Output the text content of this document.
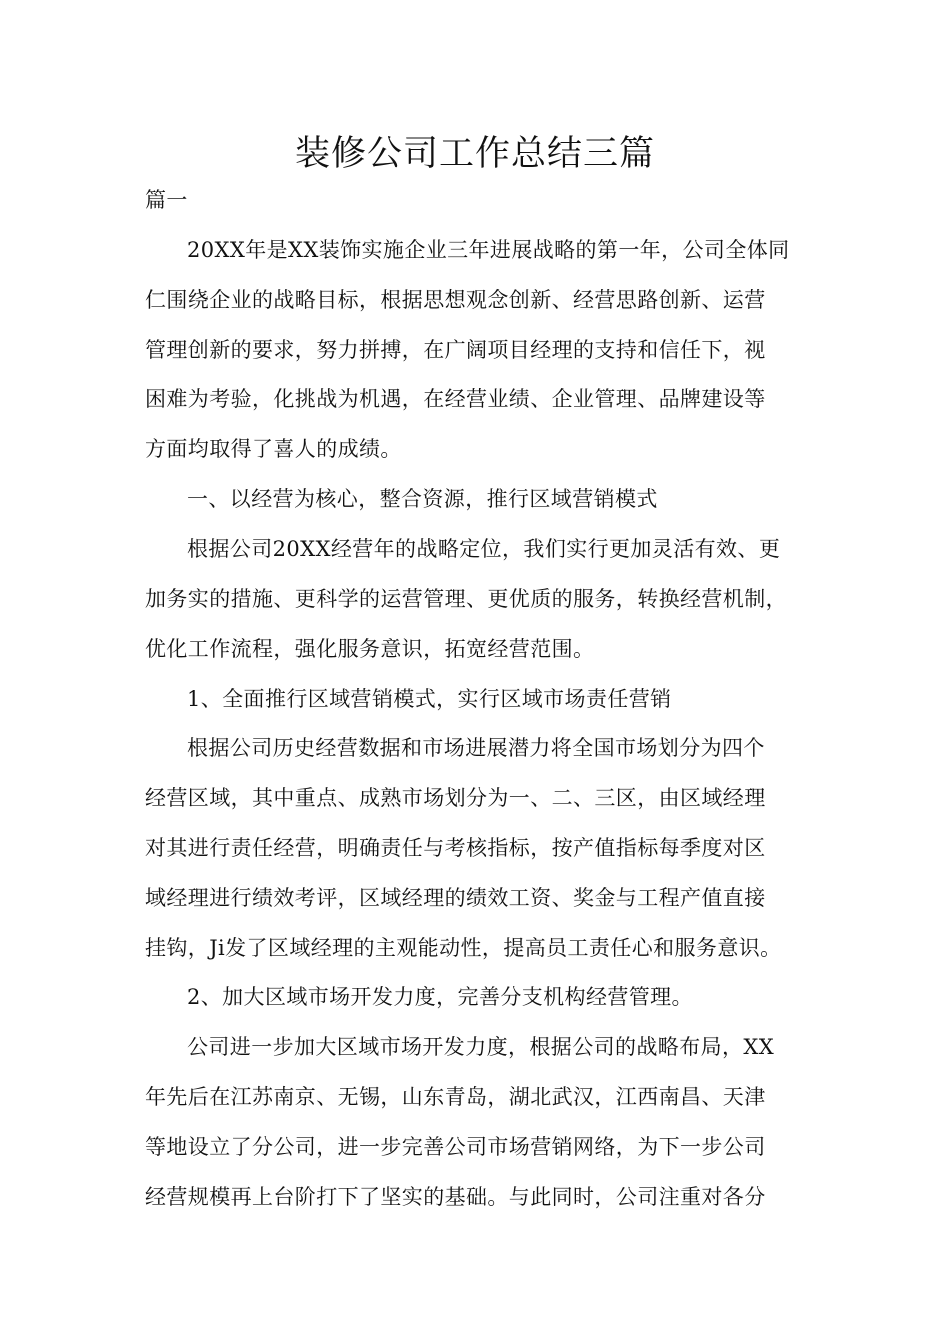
装修公司工作总结三篇

篇一

20XX年是XX装饰实施企业三年进展战略的第一年，公司全体同

仁围绕企业的战略目标，根据思想观念创新、经营思路创新、运营

管理创新的要求，努力拼搏，在广阔项目经理的支持和信任下，视

困难为考验，化挑战为机遇，在经营业绩、企业管理、品牌建设等

方面均取得了喜人的成绩。

一、以经营为核心，整合资源，推行区域营销模式

根据公司20XX经营年的战略定位，我们实行更加灵活有效、更

加务实的措施、更科学的运营管理、更优质的服务，转换经营机制，

优化工作流程，强化服务意识，拓宽经营范围。

1、全面推行区域营销模式，实行区域市场责任营销

根据公司历史经营数据和市场进展潜力将全国市场划分为四个

经营区域，其中重点、成熟市场划分为一、二、三区，由区域经理

对其进行责任经营，明确责任与考核指标，按产值指标每季度对区

域经理进行绩效考评，区域经理的绩效工资、奖金与工程产值直接

挂钩，Ji发了区域经理的主观能动性，提高员工责任心和服务意识。

2、加大区域市场开发力度，完善分支机构经营管理。

公司进一步加大区域市场开发力度，根据公司的战略布局，XX

年先后在江苏南京、无锡，山东青岛，湖北武汉，江西南昌、天津

等地设立了分公司，进一步完善公司市场营销网络，为下一步公司

经营规模再上台阶打下了坚实的基础。与此同时，公司注重对各分
